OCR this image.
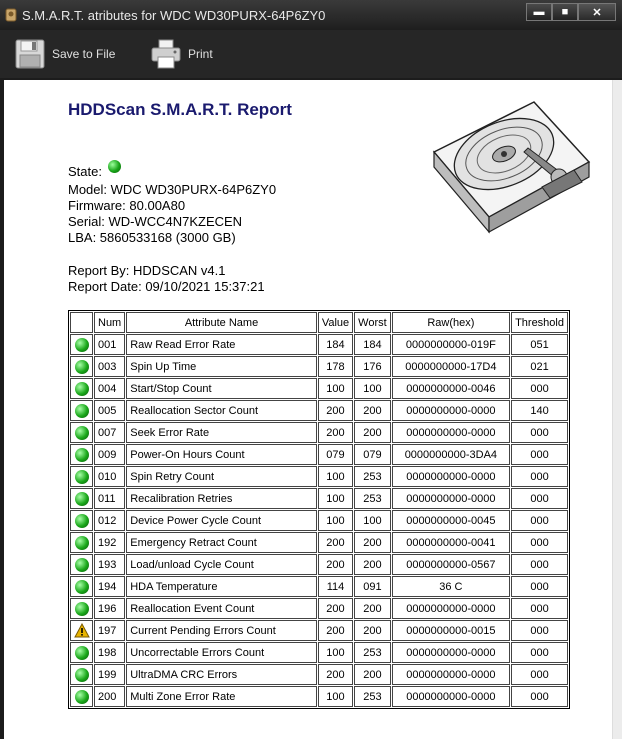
S.M.A.R.T. atributes for WDC WD30PURX-64P6ZY0	▬	■	✕
Save to File	Print
HDDScan S.M.A.R.T. Report
State:
Model: WDC WD30PURX-64P6ZY0
Firmware: 80.00A80
Serial: WD-WCC4N7KZECEN
LBA: 5860533168 (3000 GB)
Report By: HDDSCAN v4.1
Report Date: 09/10/2021 15:37:21
	Num	Attribute Name	Value	Worst	Raw(hex)	Threshold
	001	Raw Read Error Rate	184	184	0000000000-019F	051
	003	Spin Up Time	178	176	0000000000-17D4	021
	004	Start/Stop Count	100	100	0000000000-0046	000
	005	Reallocation Sector Count	200	200	0000000000-0000	140
	007	Seek Error Rate	200	200	0000000000-0000	000
	009	Power-On Hours Count	079	079	0000000000-3DA4	000
	010	Spin Retry Count	100	253	0000000000-0000	000
	011	Recalibration Retries	100	253	0000000000-0000	000
	012	Device Power Cycle Count	100	100	0000000000-0045	000
	192	Emergency Retract Count	200	200	0000000000-0041	000
	193	Load/unload Cycle Count	200	200	0000000000-0567	000
	194	HDA Temperature	114	091	36 C	000
	196	Reallocation Event Count	200	200	0000000000-0000	000
	197	Current Pending Errors Count	200	200	0000000000-0015	000
	198	Uncorrectable Errors Count	100	253	0000000000-0000	000
	199	UltraDMA CRC Errors	200	200	0000000000-0000	000
	200	Multi Zone Error Rate	100	253	0000000000-0000	000
